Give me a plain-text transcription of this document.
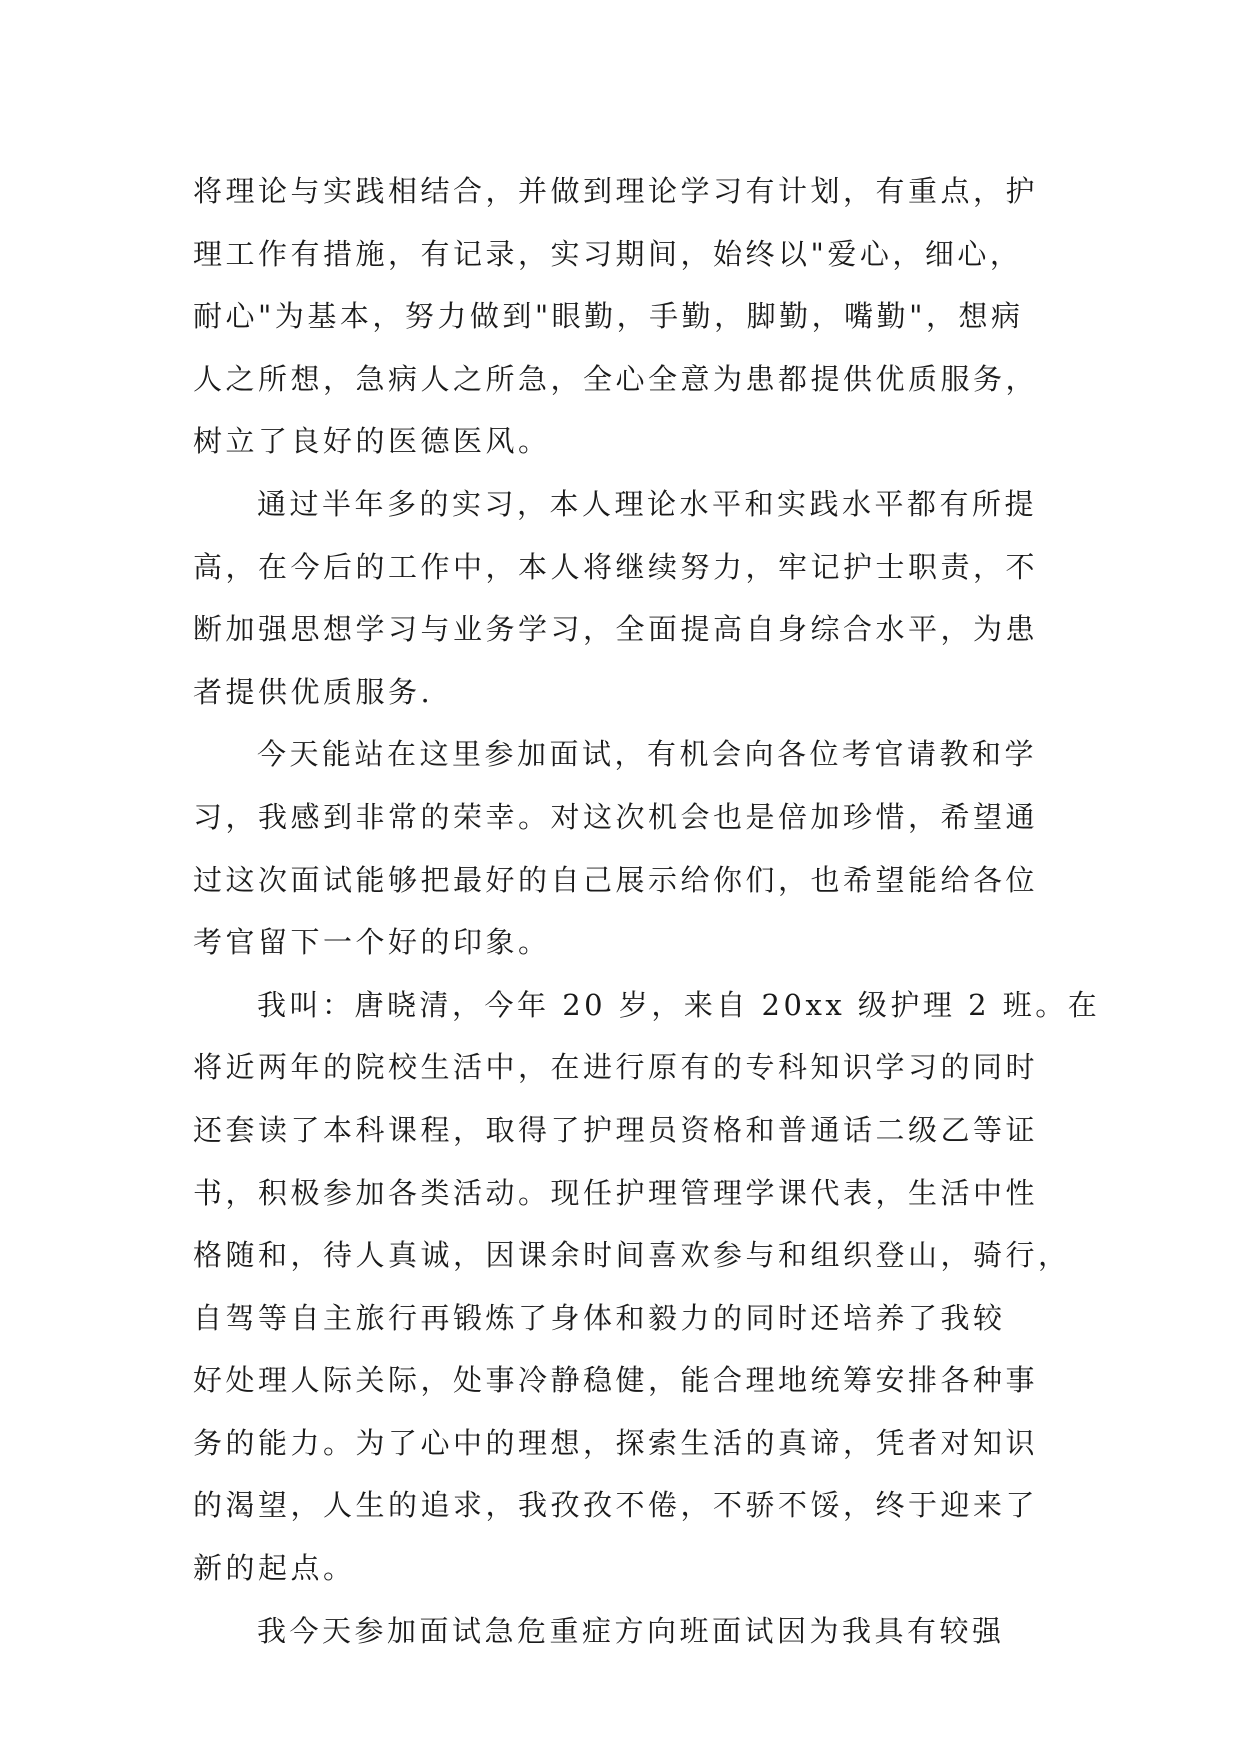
将理论与实践相结合，并做到理论学习有计划，有重点，护
理工作有措施，有记录，实习期间，始终以"爱心，细心，
耐心"为基本，努力做到"眼勤，手勤，脚勤，嘴勤"，想病
人之所想，急病人之所急，全心全意为患都提供优质服务，
树立了良好的医德医风。
通过半年多的实习，本人理论水平和实践水平都有所提
高，在今后的工作中，本人将继续努力，牢记护士职责，不
断加强思想学习与业务学习，全面提高自身综合水平，为患
者提供优质服务.
今天能站在这里参加面试，有机会向各位考官请教和学
习，我感到非常的荣幸。对这次机会也是倍加珍惜，希望通
过这次面试能够把最好的自己展示给你们，也希望能给各位
考官留下一个好的印象。
我叫：唐晓清，今年 20 岁，来自 20xx 级护理 2 班。在
将近两年的院校生活中，在进行原有的专科知识学习的同时
还套读了本科课程，取得了护理员资格和普通话二级乙等证
书，积极参加各类活动。现任护理管理学课代表，生活中性
格随和，待人真诚，因课余时间喜欢参与和组织登山，骑行，
自驾等自主旅行再锻炼了身体和毅力的同时还培养了我较
好处理人际关际，处事冷静稳健，能合理地统筹安排各种事
务的能力。为了心中的理想，探索生活的真谛，凭者对知识
的渴望，人生的追求，我孜孜不倦，不骄不馁，终于迎来了
新的起点。
我今天参加面试急危重症方向班面试因为我具有较强
